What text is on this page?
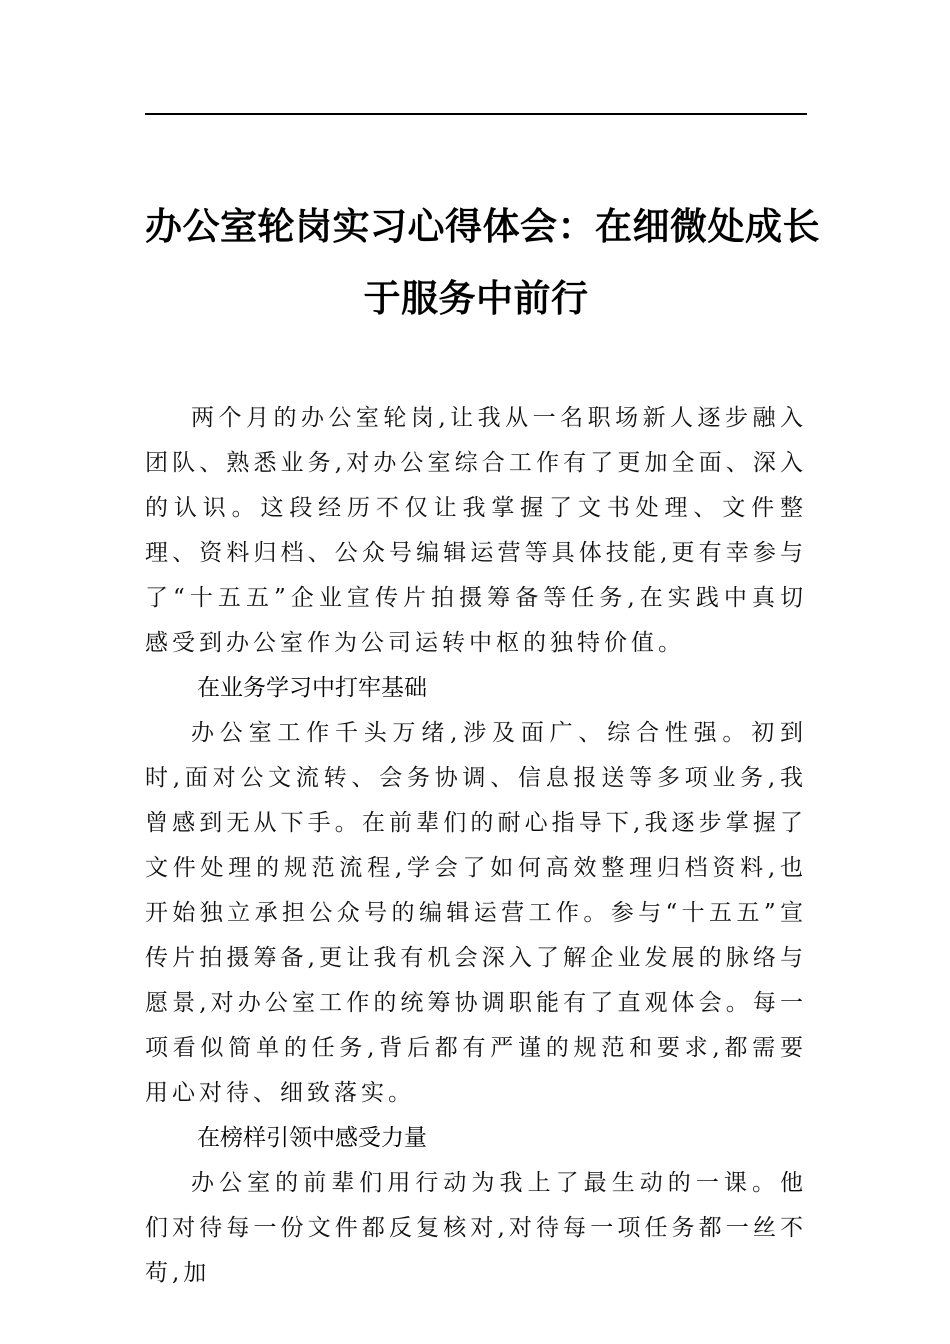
办公室轮岗实习心得体会：在细微处成长
于服务中前行

两个月的办公室轮岗,让我从一名职场新人逐步融入团队、熟悉业务,对办公室综合工作有了更加全面、深入的认识。这段经历不仅让我掌握了文书处理、文件整理、资料归档、公众号编辑运营等具体技能,更有幸参与了“十五五”企业宣传片拍摄筹备等任务,在实践中真切感受到办公室作为公司运转中枢的独特价值。

在业务学习中打牢基础

办公室工作千头万绪,涉及面广、综合性强。初到时,面对公文流转、会务协调、信息报送等多项业务,我曾感到无从下手。在前辈们的耐心指导下,我逐步掌握了文件处理的规范流程,学会了如何高效整理归档资料,也开始独立承担公众号的编辑运营工作。参与“十五五”宣传片拍摄筹备,更让我有机会深入了解企业发展的脉络与愿景,对办公室工作的统筹协调职能有了直观体会。每一项看似简单的任务,背后都有严谨的规范和要求,都需要用心对待、细致落实。

在榜样引领中感受力量

办公室的前辈们用行动为我上了最生动的一课。他们对待每一份文件都反复核对,对待每一项任务都一丝不苟,加
